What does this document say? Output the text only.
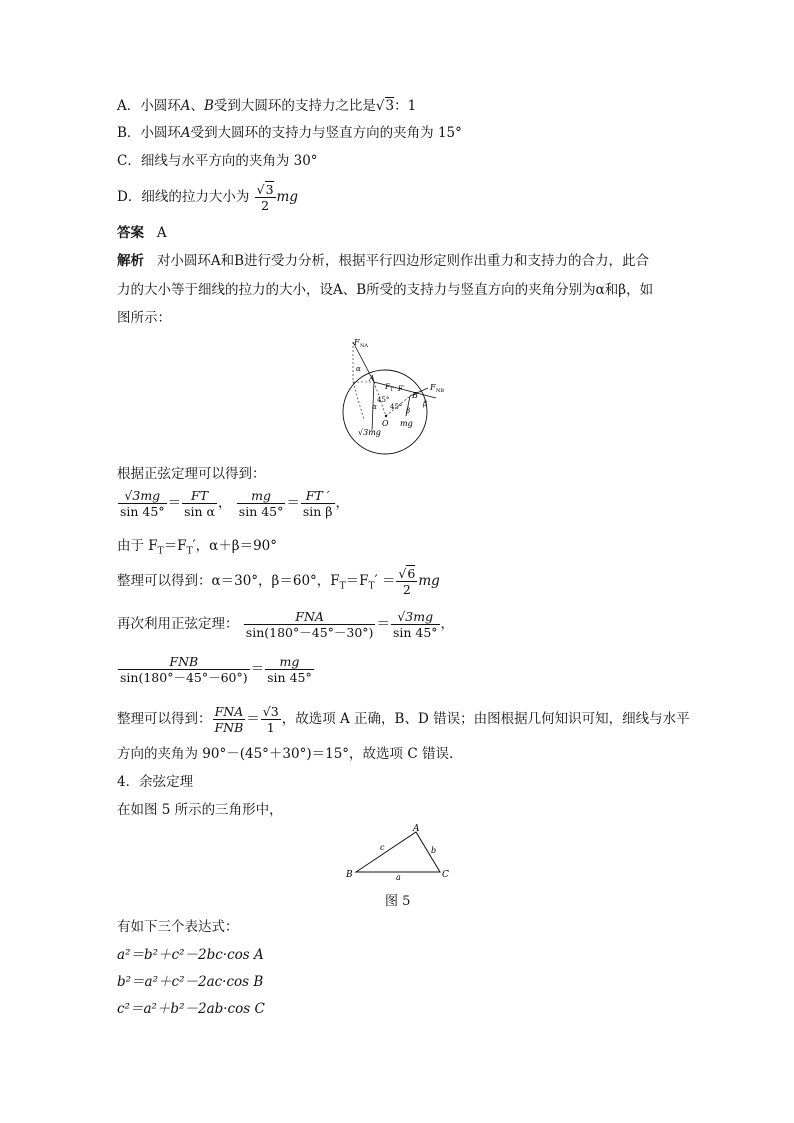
A．小圆环A、B受到大圆环的支持力之比是√3：1
B．小圆环A受到大圆环的支持力与竖直方向的夹角为 15°
C．细线与水平方向的夹角为 30°
D．细线的拉力大小为 $\frac{√3}{2}$ mg
答案 A
解析 对小圆环A和B进行受力分析，根据平行四边形定则作出重力和支持力的合力，此合
力的大小等于细线的拉力的大小，设A、B所受的支持力与竖直方向的夹角分别为α和β，如
图所示：
F NA
F NB
F T F′
A
B
O
α
α	β
β
45°
45°
√3mg
mg
根据正弦定理可以得到：
$\frac{√3mg}{\sin 45^\circ} = \frac{FT}{\text{sin α}}$ ， $\frac{mg}{\sin 45^\circ} = \frac{FT '}{\text{sin β}}$ ，
由于 $F_T=F_T'$，α＋β＝90°
整理可以得到：α＝30°，β＝60°，$F_T=F_T' = \frac{√6}{2}$ mg
再次利用正弦定理： $\frac{\text{FNA}}{\sin(180^\circ-45^\circ-30^\circ)} = \frac{√3mg}{\sin 45^\circ}$ ，
$\frac{\text{FNB}}{\sin(180^\circ-45^\circ-60^\circ)} = \frac{mg}{\sin 45^\circ}$
整理可以得到： $\frac{\text{FNA}}{\text{FNB}} = \frac{√3}{1}$ ，故选项 A 正确，B、D 错误；由图根据几何知识可知，细线与水平
方向的夹角为 90°－(45°＋30°)＝15°，故选项 C 错误.
4．余弦定理
在如图 5 所示的三角形中，
A
B	C
a
b
c
图 5
有如下三个表达式：
a²＝b²＋c²－2bc·cos A
b²＝a²＋c²－2ac·cos B
c²＝a²＋b²－2ab·cos C
